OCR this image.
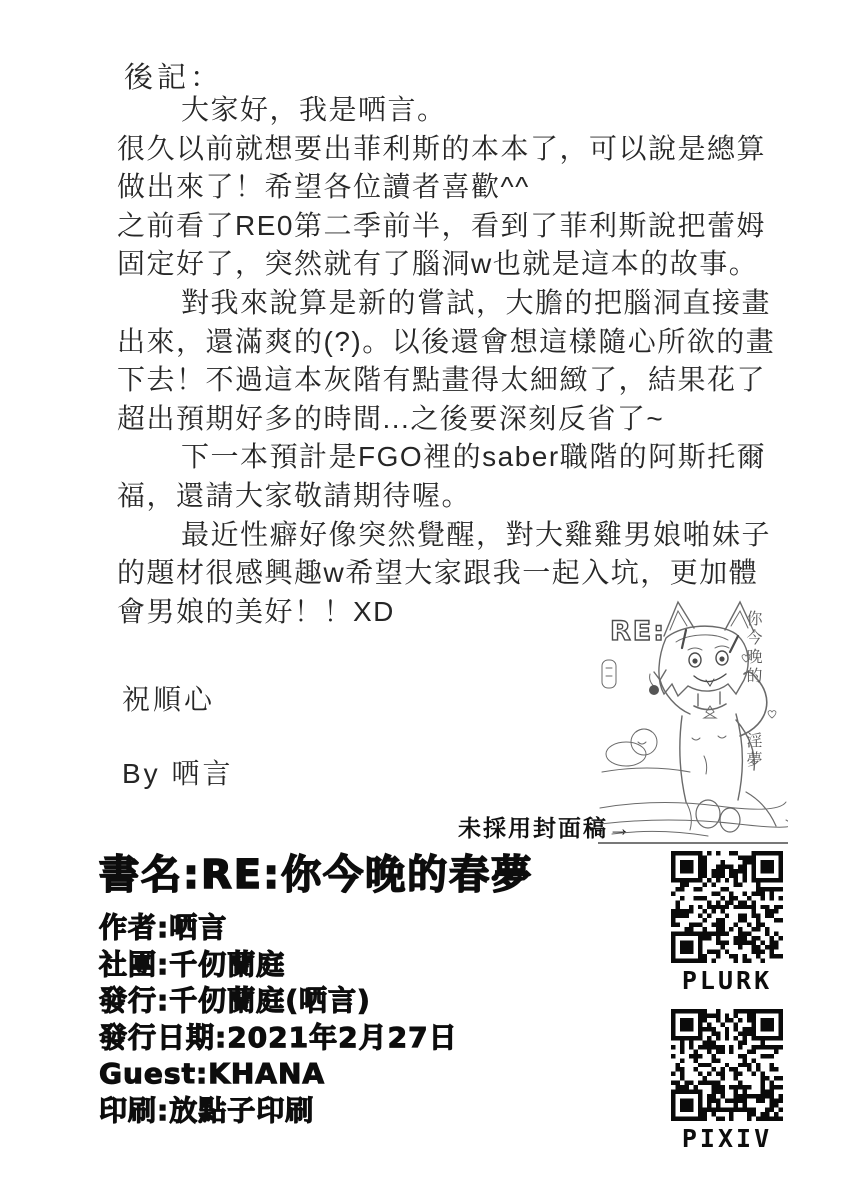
後記：
大家好，我是哂言。
很久以前就想要出菲利斯的本本了，可以說是總算
做出來了！希望各位讀者喜歡^^
之前看了RE0第二季前半，看到了菲利斯說把蕾姆
固定好了，突然就有了腦洞w也就是這本的故事。
對我來說算是新的嘗試，大膽的把腦洞直接畫
出來，還滿爽的(?)。以後還會想這樣隨心所欲的畫
下去！不過這本灰階有點畫得太細緻了，結果花了
超出預期好多的時間...之後要深刻反省了~
下一本預計是FGO裡的saber職階的阿斯托爾
福，還請大家敬請期待喔。
最近性癖好像突然覺醒，對大雞雞男娘啪妹子
的題材很感興趣w希望大家跟我一起入坑，更加體
會男娘的美好！！XD
祝順心
By 哂言
未採用封面稿→
RE:	你今晚的 淫夢
書名:RE:你今晚的春夢
作者:哂言
社團:千仞蘭庭
發行:千仞蘭庭(哂言)
發行日期:2021年2月27日
Guest:KHANA
印刷:放點子印刷
PLURK
PIXIV
